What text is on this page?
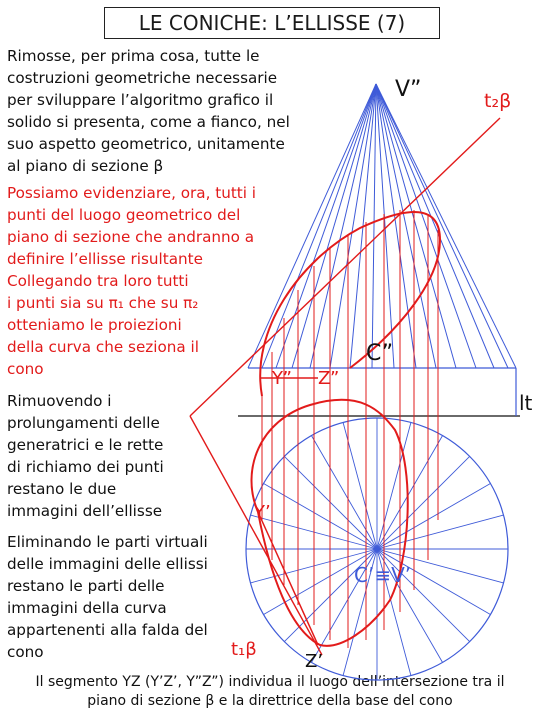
LE CONICHE: L’ELLISSE (7)

Rimosse, per prima cosa, tutte le
costruzioni geometriche necessarie
per sviluppare l’algoritmo grafico il
solido si presenta, come a fianco, nel
suo aspetto geometrico, unitamente
al piano di sezione β

Possiamo evidenziare, ora, tutti i
punti del luogo geometrico del
piano di sezione che andranno a
definire l’ellisse risultante

Collegando tra loro tutti
i punti sia su π₁ che su π₂
otteniamo le proiezioni
della curva che seziona il
cono

Rimuovendo i
prolungamenti delle
generatrici e le rette
di richiamo dei punti
restano le due
immagini dell’ellisse

Eliminando le parti virtuali
delle immagini delle ellissi
restano le parti delle
immagini della curva
appartenenti alla falda del
cono

Il segmento YZ (Y’Z’, Y”Z”) individua il luogo dell’intersezione tra il
piano di sezione β e la direttrice della base del cono
V”	t₂β
C”
Y” Z”
lt
Y’
C’≡V’
t₁β
Z’
